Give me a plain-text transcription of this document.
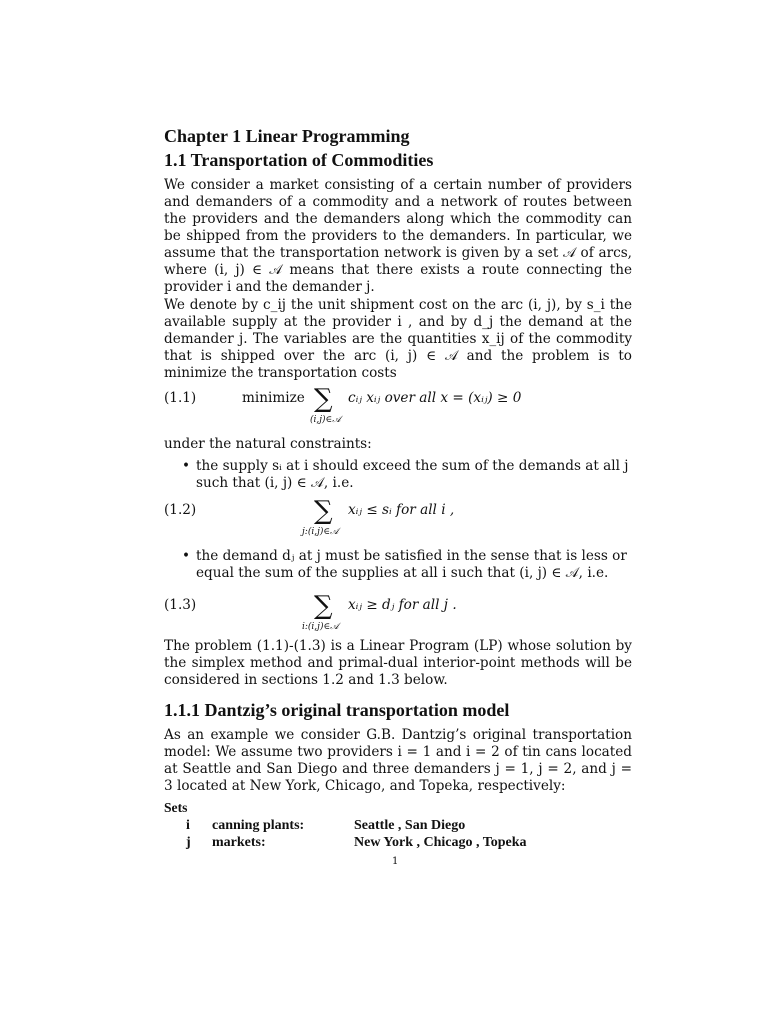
Chapter 1 Linear Programming
1.1 Transportation of Commodities
We consider a market consisting of a certain number of providers and demanders of a commodity and a network of routes between the providers and the demanders along which the commodity can be shipped from the providers to the demanders. In particular, we assume that the transportation network is given by a set 𝒜 of arcs, where (i, j) ∈ 𝒜 means that there exists a route connecting the provider i and the demander j.
We denote by c_ij the unit shipment cost on the arc (i, j), by s_i the available supply at the provider i , and by d_j the demand at the demander j. The variables are the quantities x_ij of the commodity that is shipped over the arc (i, j) ∈ 𝒜 and the problem is to minimize the transportation costs
(1.1)	minimize ∑
(i,j)∈𝒜
cᵢⱼ xᵢⱼ over all x = (xᵢⱼ) ≥ 0
under the natural constraints:
• the supply sᵢ at i should exceed the sum of the demands at all j such that (i, j) ∈ 𝒜, i.e.
(1.2)	∑
j:(i,j)∈𝒜
xᵢⱼ ≤ sᵢ for all i ,
• the demand dⱼ at j must be satisfied in the sense that is less or equal the sum of the supplies at all i such that (i, j) ∈ 𝒜, i.e.
(1.3)	∑
i:(i,j)∈𝒜
xᵢⱼ ≥ dⱼ for all j .
The problem (1.1)-(1.3) is a Linear Program (LP) whose solution by the simplex method and primal-dual interior-point methods will be considered in sections 1.2 and 1.3 below.
1.1.1 Dantzig’s original transportation model
As an example we consider G.B. Dantzig’s original transportation model: We assume two providers i = 1 and i = 2 of tin cans located at Seattle and San Diego and three demanders j = 1, j = 2, and j = 3 located at New York, Chicago, and Topeka, respectively:
Sets
i canning plants:	Seattle , San Diego
j markets:	New York , Chicago , Topeka
1
